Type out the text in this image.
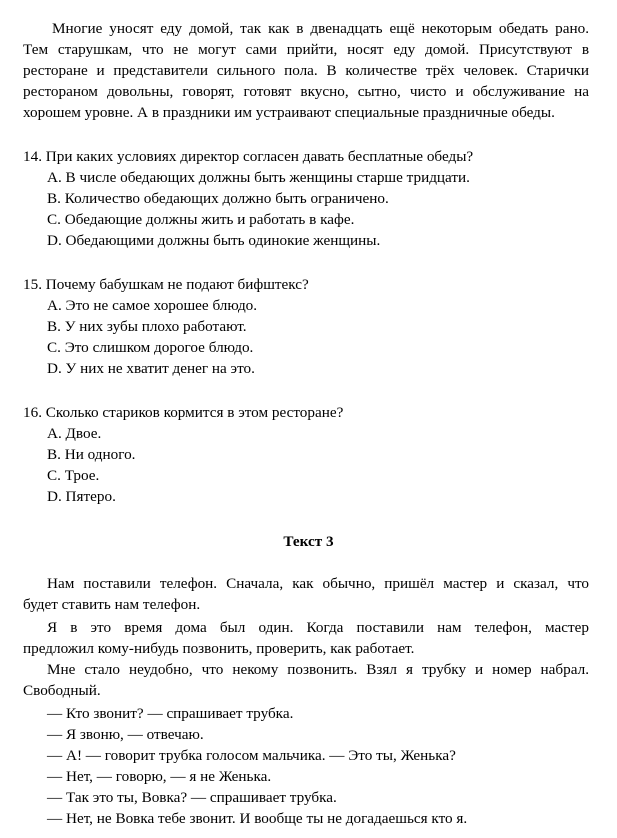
Многие уносят еду домой, так как в двенадцать ещё некоторым обедать рано.
Тем старушкам, что не могут сами прийти, носят еду домой. Присутствуют в
ресторане и представители сильного пола. В количестве трёх человек. Старички
рестораном довольны, говорят, готовят вкусно, сытно, чисто и обслуживание на
хорошем уровне. А в праздники им устраивают специальные праздничные обеды.
14. При каких условиях директор согласен давать бесплатные обеды?
A. В числе обедающих должны быть женщины старше тридцати.
B. Количество обедающих должно быть ограничено.
C. Обедающие должны жить и работать в кафе.
D. Обедающими должны быть одинокие женщины.
15. Почему бабушкам не подают бифштекс?
A. Это не самое хорошее блюдо.
B. У них зубы плохо работают.
C. Это слишком дорогое блюдо.
D. У них не хватит денег на это.
16. Сколько стариков кормится в этом ресторане?
A. Двое.
B. Ни одного.
C. Трое.
D. Пятеро.
Текст 3
Нам поставили телефон. Сначала, как обычно, пришёл мастер и сказал, что
будет ставить нам телефон.
Я в это время дома был один. Когда поставили нам телефон, мастер
предложил кому-нибудь позвонить, проверить, как работает.
Мне стало неудобно, что некому позвонить. Взял я трубку и номер набрал.
Свободный.
— Кто звонит? — спрашивает трубка.
— Я звоню, — отвечаю.
— А! — говорит трубка голосом мальчика. — Это ты, Женька?
— Нет, — говорю, — я не Женька.
— Так это ты, Вовка? — спрашивает трубка.
— Нет, не Вовка тебе звонит. И вообще ты не догадаешься кто я.
